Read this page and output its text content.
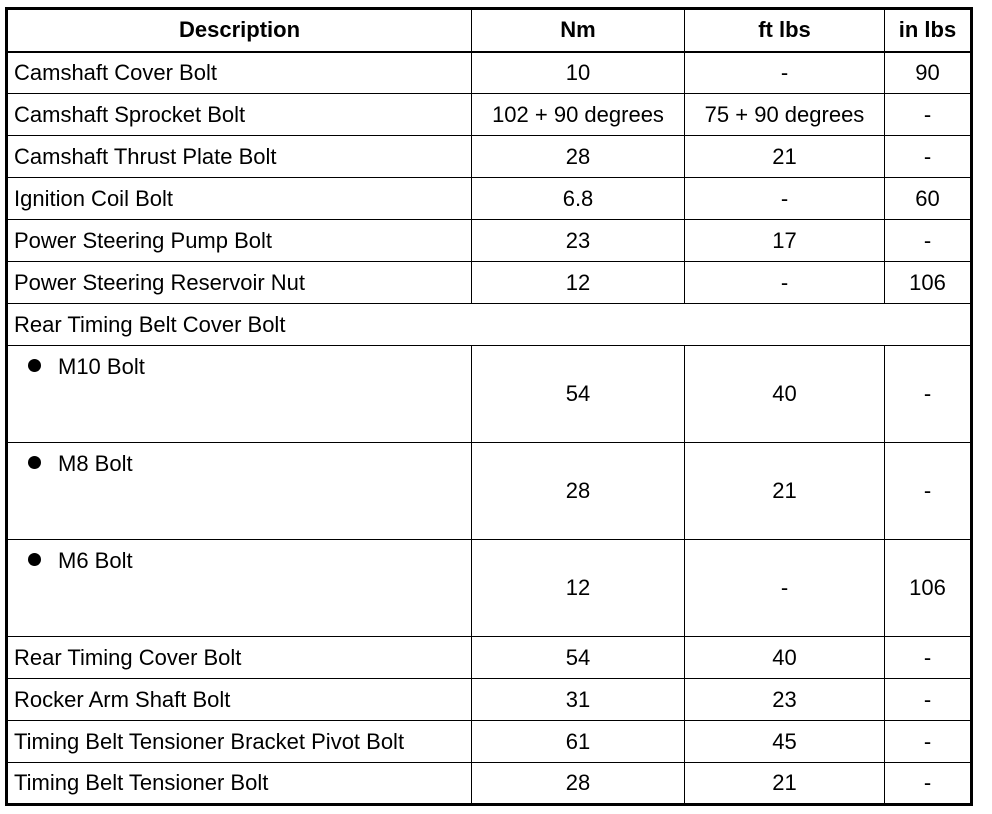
Description	Nm	ft lbs	in lbs
Camshaft Cover Bolt	10	-	90
Camshaft Sprocket Bolt	102 + 90 degrees	75 + 90 degrees	-
Camshaft Thrust Plate Bolt	28	21	-
Ignition Coil Bolt	6.8	-	60
Power Steering Pump Bolt	23	17	-
Power Steering Reservoir Nut	12	-	106
Rear Timing Belt Cover Bolt			
M10 Bolt	54	40	-
M8 Bolt	28	21	-
M6 Bolt	12	-	106
Rear Timing Cover Bolt	54	40	-
Rocker Arm Shaft Bolt	31	23	-
Timing Belt Tensioner Bracket Pivot Bolt	61	45	-
Timing Belt Tensioner Bolt	28	21	-
